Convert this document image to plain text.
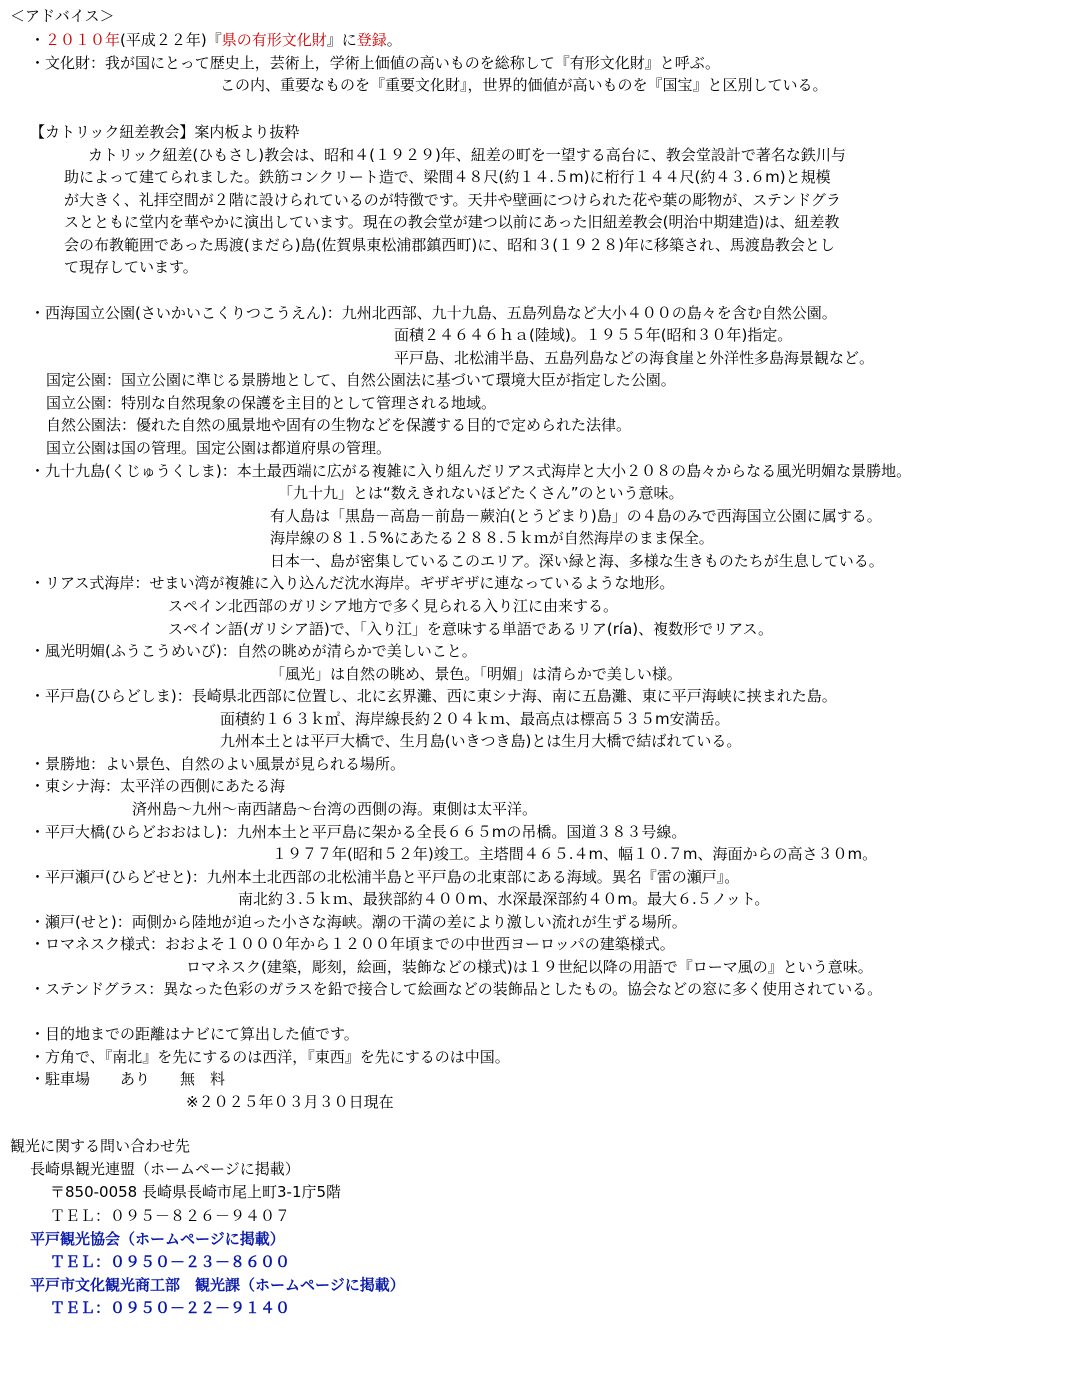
＜アドバイス＞
・２０１０年(平成２２年)『県の有形文化財』に登録。
・文化財：我が国にとって歴史上，芸術上，学術上価値の高いものを総称して『有形文化財』と呼ぶ。
この内、重要なものを『重要文化財』，世界的価値が高いものを『国宝』と区別している。
【カトリック紐差教会】案内板より抜粋
カトリック紐差(ひもさし)教会は、昭和４(１９２９)年、紐差の町を一望する高台に、教会堂設計で著名な鉄川与
助によって建てられました。鉄筋コンクリート造で、梁間４８尺(約１４.５m)に桁行１４４尺(約４３.６m)と規模
が大きく、礼拝空間が２階に設けられているのが特徴です。天井や壁画につけられた花や葉の彫物が、ステンドグラ
スとともに堂内を華やかに演出しています。現在の教会堂が建つ以前にあった旧紐差教会(明治中期建造)は、紐差教
会の布教範囲であった馬渡(まだら)島(佐賀県東松浦郡鎮西町)に、昭和３(１９２８)年に移築され、馬渡島教会とし
て現存しています。
・西海国立公園(さいかいこくりつこうえん)：九州北西部、九十九島、五島列島など大小４００の島々を含む自然公園。
面積２４６４６ｈａ(陸域)。１９５５年(昭和３０年)指定。
平戸島、北松浦半島、五島列島などの海食崖と外洋性多島海景観など。
国定公園：国立公園に準じる景勝地として、自然公園法に基づいて環境大臣が指定した公園。
国立公園：特別な自然現象の保護を主目的として管理される地域。
自然公園法：優れた自然の風景地や固有の生物などを保護する目的で定められた法律。
国立公園は国の管理。国定公園は都道府県の管理。
・九十九島(くじゅうくしま)：本土最西端に広がる複雑に入り組んだリアス式海岸と大小２０８の島々からなる風光明媚な景勝地。
「九十九」とは“数えきれないほどたくさん”のという意味。
有人島は「黒島－高島－前島－蕨泊(とうどまり)島」の４島のみで西海国立公園に属する。
海岸線の８１.５%にあたる２８８.５ｋｍが自然海岸のまま保全。
日本一、島が密集しているこのエリア。深い緑と海、多様な生きものたちが生息している。
・リアス式海岸：せまい湾が複雑に入り込んだ沈水海岸。ギザギザに連なっているような地形。
スペイン北西部のガリシア地方で多く見られる入り江に由来する。
スペイン語(ガリシア語)で、「入り江」を意味する単語であるリア(ría)、複数形でリアス。
・風光明媚(ふうこうめいび)：自然の眺めが清らかで美しいこと。
「風光」は自然の眺め、景色。「明媚」は清らかで美しい様。
・平戸島(ひらどしま)：長崎県北西部に位置し、北に玄界灘、西に東シナ海、南に五島灘、東に平戸海峡に挟まれた島。
面積約１６３ｋ㎡、海岸線長約２０４ｋｍ、最高点は標高５３５m安満岳。
九州本土とは平戸大橋で、生月島(いきつき島)とは生月大橋で結ばれている。
・景勝地：よい景色、自然のよい風景が見られる場所。
・東シナ海：太平洋の西側にあたる海
済州島～九州～南西諸島～台湾の西側の海。東側は太平洋。
・平戸大橋(ひらどおおはし)：九州本土と平戸島に架かる全長６６５mの吊橋。国道３８３号線。
１９７７年(昭和５２年)竣工。主塔間４６５.４m、幅１０.７m、海面からの高さ３０m。
・平戸瀬戸(ひらどせと)：九州本土北西部の北松浦半島と平戸島の北東部にある海域。異名『雷の瀬戸』。
南北約３.５ｋｍ、最狭部約４００m、水深最深部約４０m。最大６.５ノット。
・瀬戸(せと)：両側から陸地が迫った小さな海峡。潮の干満の差により激しい流れが生ずる場所。
・ロマネスク様式：おおよそ１０００年から１２００年頃までの中世西ヨーロッパの建築様式。
ロマネスク(建築，彫刻，絵画，装飾などの様式)は１９世紀以降の用語で『ローマ風の』という意味。
・ステンドグラス：異なった色彩のガラスを鉛で接合して絵画などの装飾品としたもの。協会などの窓に多く使用されている。
・目的地までの距離はナビにて算出した値です。
・方角で、『南北』を先にするのは西洋，『東西』を先にするのは中国。
・駐車場　　あり　　無　料
※２０２５年０３月３０日現在
観光に関する問い合わせ先
長崎県観光連盟（ホームページに掲載）
〒850-0058 長崎県長崎市尾上町3-1庁5階
ＴＥＬ：０９５－８２６－９４０７
平戸観光協会（ホームページに掲載）
ＴＥＬ：０９５０－２３－８６００
平戸市文化観光商工部　観光課（ホームページに掲載）
ＴＥＬ：０９５０－２２－９１４０
